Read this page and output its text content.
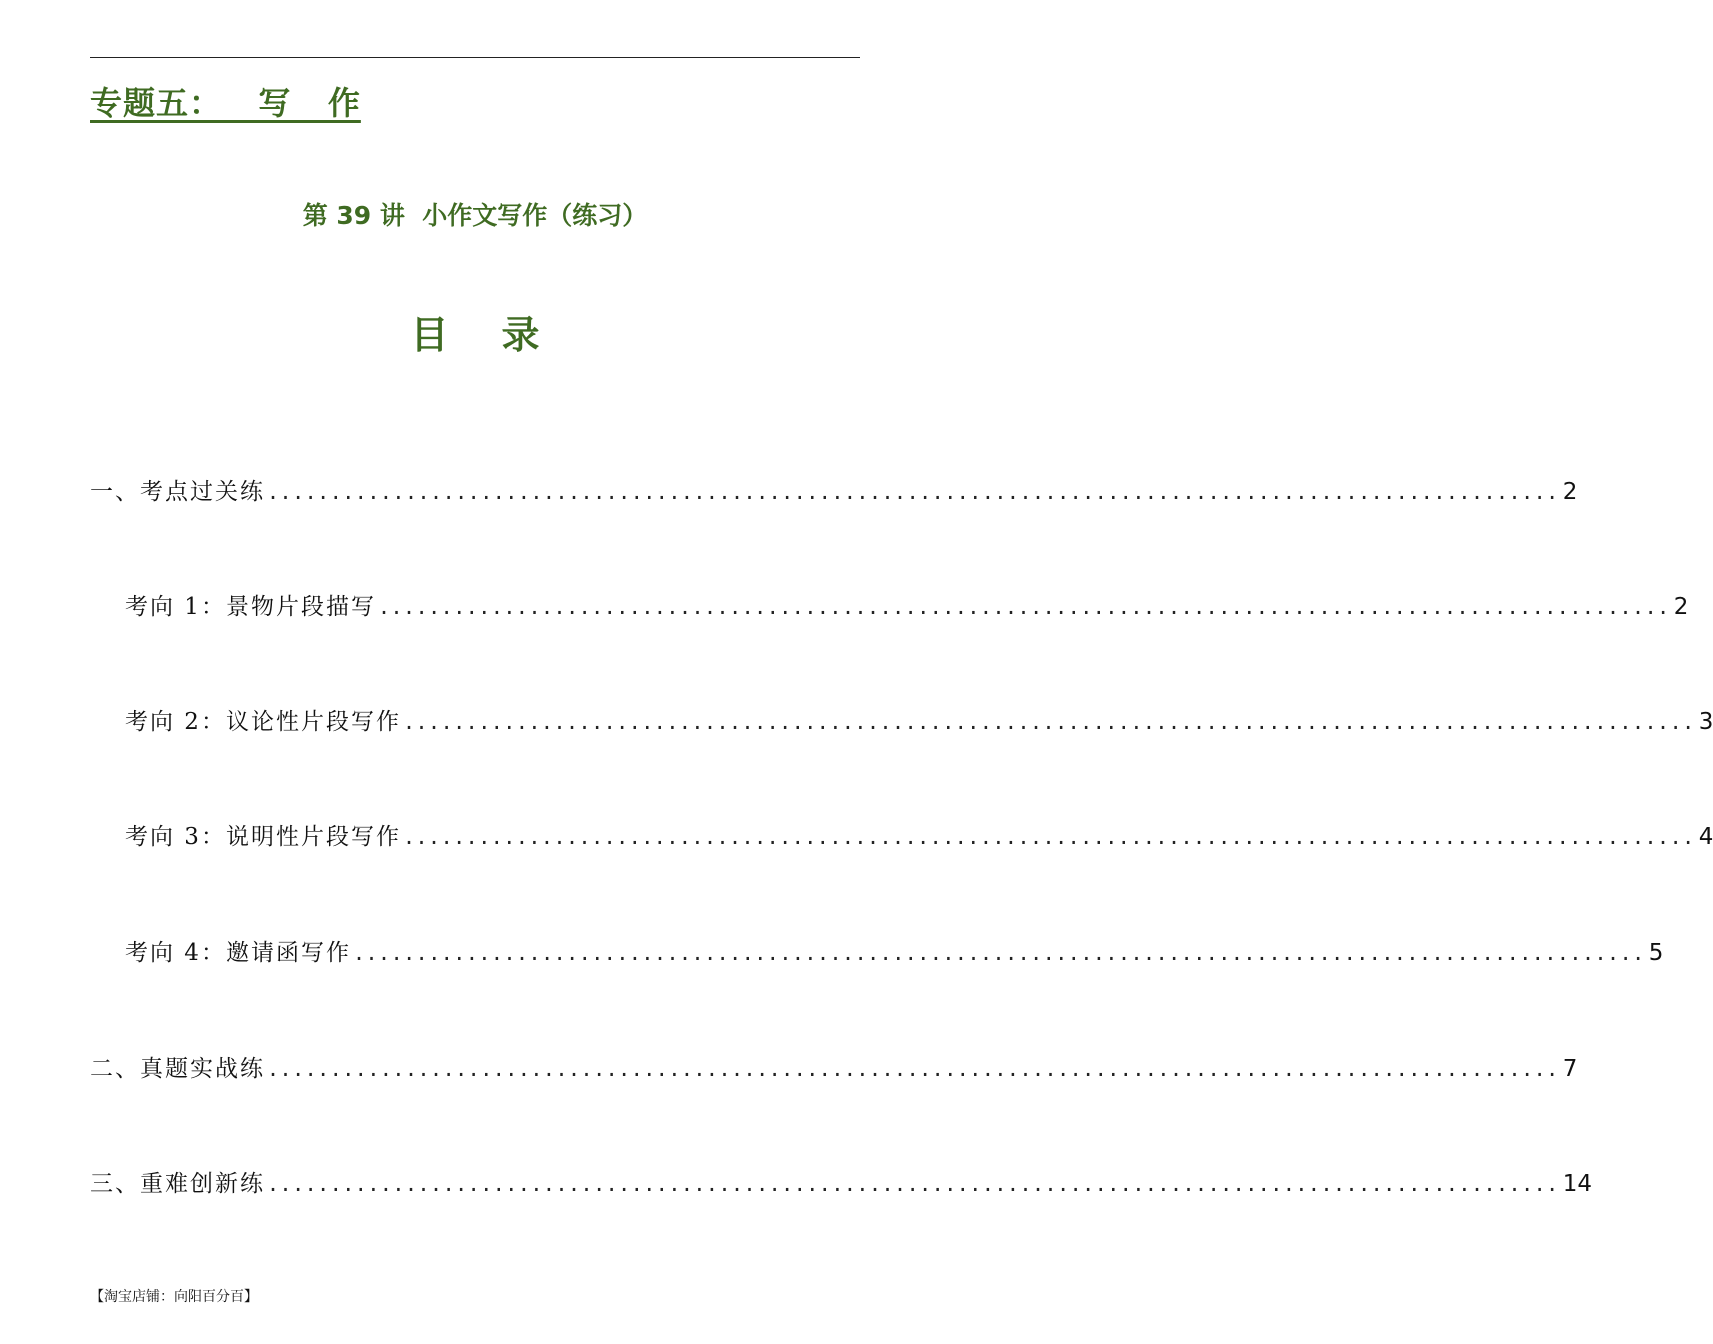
专题五：   写   作
第 39 讲  小作文写作（练习）
目    录
一、考点过关练 ....................................................................................................... 2
考向 1：景物片段描写 ....................................................................................................... 2
考向 2：议论性片段写作 ....................................................................................................... 3
考向 3：说明性片段写作 ....................................................................................................... 4
考向 4：邀请函写作 ....................................................................................................... 5
二、真题实战练 ....................................................................................................... 7
三、重难创新练 ....................................................................................................... 14
【淘宝店铺：向阳百分百】
